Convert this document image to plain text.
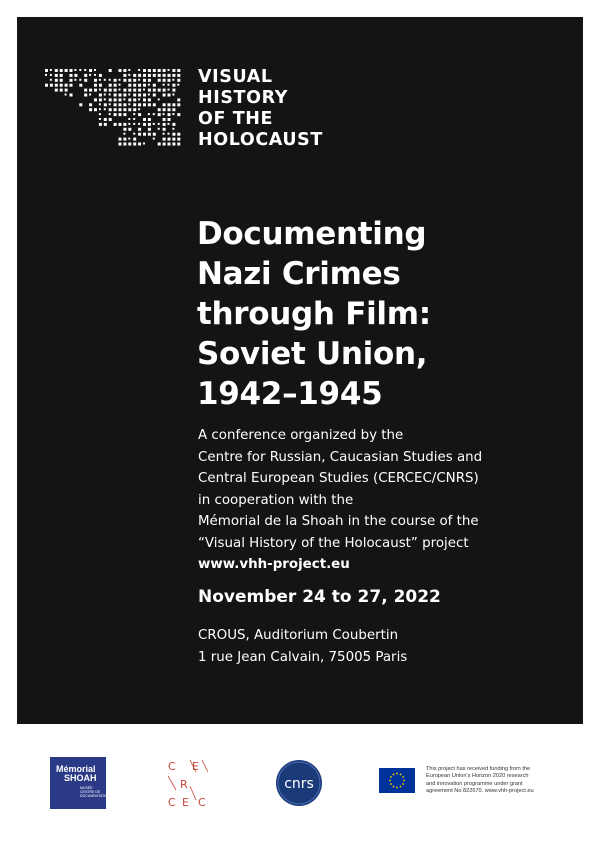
VISUAL
HISTORY
OF THE
HOLOCAUST
Documenting
Nazi Crimes
through Film:
Soviet Union,
1942–1945
A conference organized by the
Centre for Russian, Caucasian Studies and
Central European Studies (CERCEC/CNRS)
in cooperation with the
Mémorial de la Shoah in the course of the
“Visual History of the Holocaust” project
www.vhh-project.eu

November 24 to 27, 2022

CROUS, Auditorium Coubertin
1 rue Jean Calvain, 75005 Paris
Mémorial
SHOAH
MUSÉE · CENTRE DE DOCUMENTATION
C E
R
C E C
cnrs
This project has received funding from the
European Union’s Horizon 2020 research
and innovation programme under grant
agreement No 822670. www.vhh-project.eu
